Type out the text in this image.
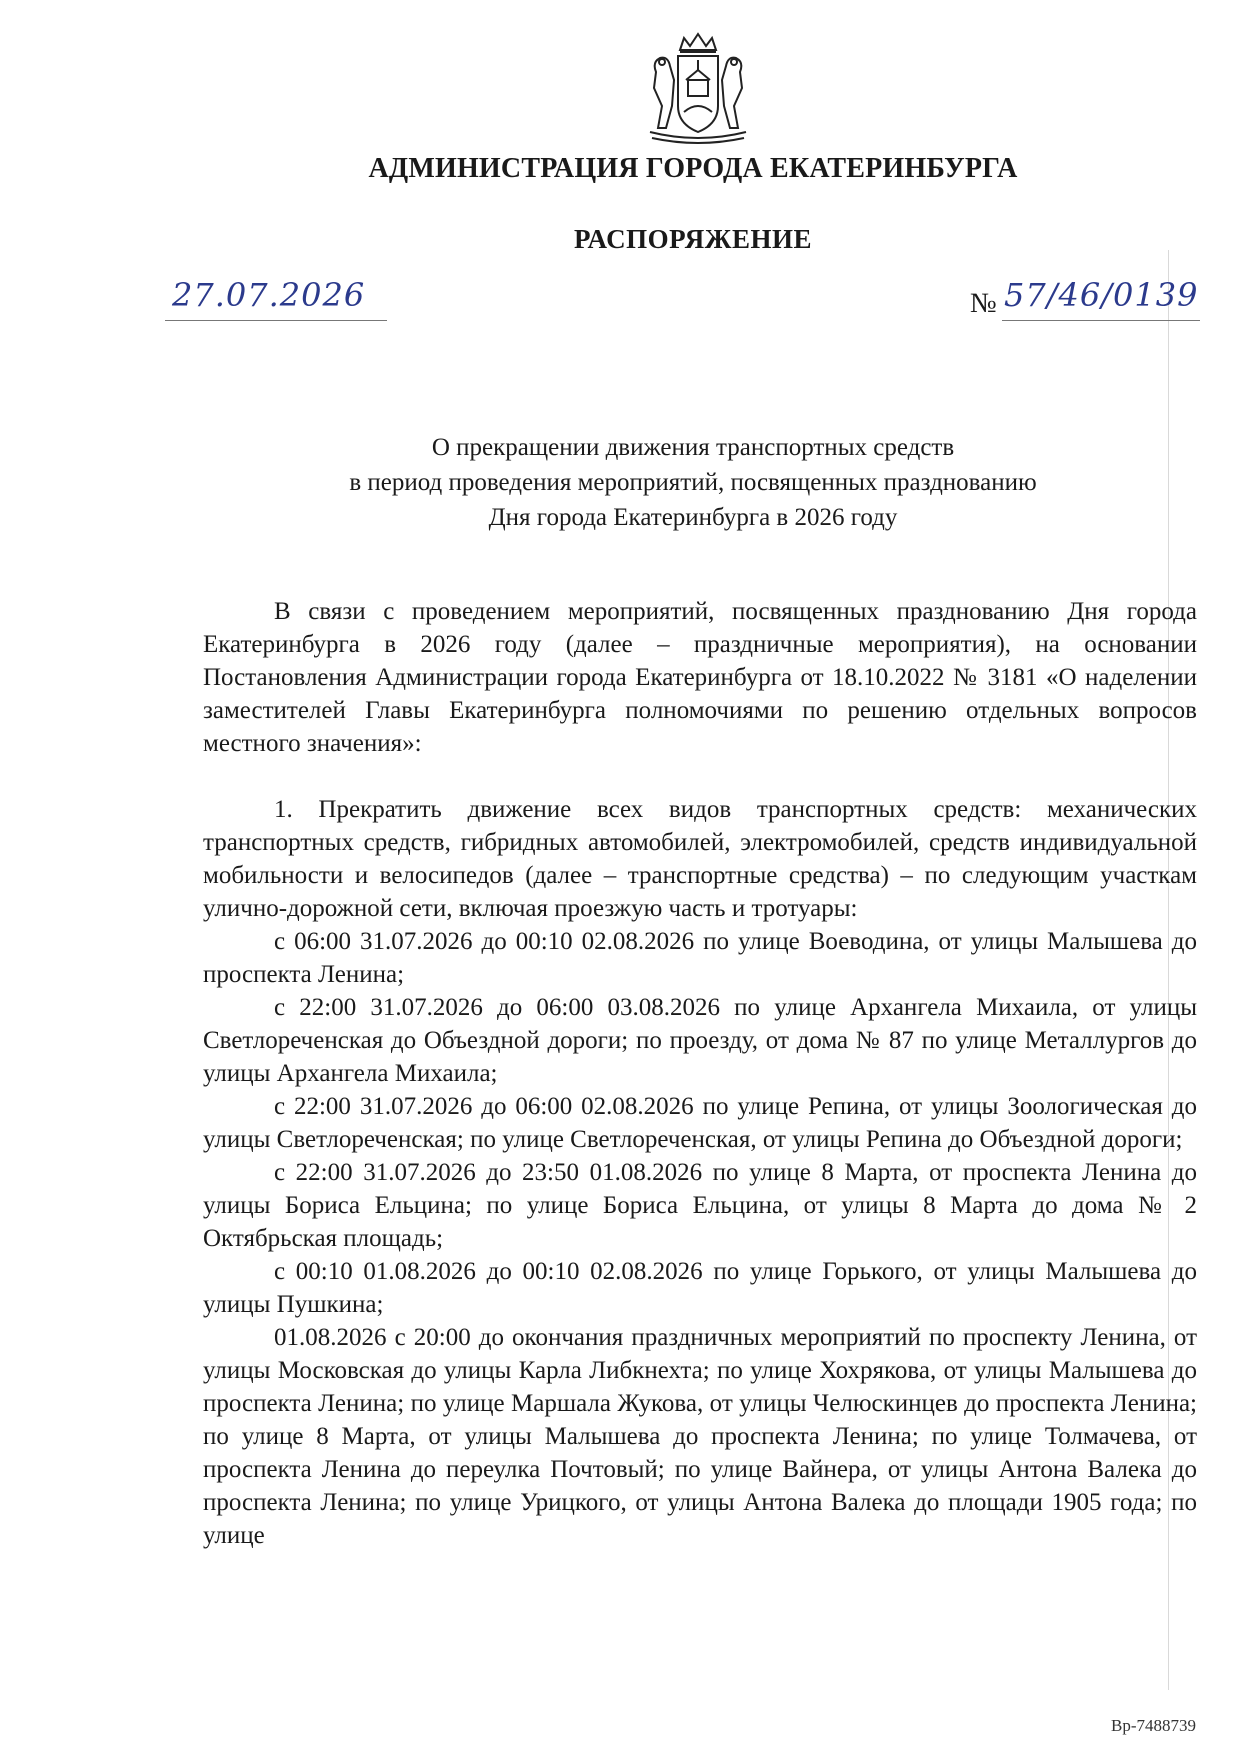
АДМИНИСТРАЦИЯ ГОРОДА ЕКАТЕРИНБУРГА
РАСПОРЯЖЕНИЕ
27.07.2026	№ 57/46/0139
О прекращении движения транспортных средств
в период проведения мероприятий, посвященных празднованию
Дня города Екатеринбурга в 2026 году

В связи с проведением мероприятий, посвященных празднованию Дня города Екатеринбурга в 2026 году (далее – праздничные мероприятия), на основании Постановления Администрации города Екатеринбурга от 18.10.2022 № 3181 «О наделении заместителей Главы Екатеринбурга полномочиями по решению отдельных вопросов местного значения»:

1. Прекратить движение всех видов транспортных средств: механических транспортных средств, гибридных автомобилей, электромобилей, средств индивидуальной мобильности и велосипедов (далее – транспортные средства) – по следующим участкам улично-дорожной сети, включая проезжую часть и тротуары:

с 06:00 31.07.2026 до 00:10 02.08.2026 по улице Воеводина, от улицы Малышева до проспекта Ленина;

с 22:00 31.07.2026 до 06:00 03.08.2026 по улице Архангела Михаила, от улицы Светлореченская до Объездной дороги; по проезду, от дома № 87 по улице Металлургов до улицы Архангела Михаила;

с 22:00 31.07.2026 до 06:00 02.08.2026 по улице Репина, от улицы Зоологическая до улицы Светлореченская; по улице Светлореченская, от улицы Репина до Объездной дороги;

с 22:00 31.07.2026 до 23:50 01.08.2026 по улице 8 Марта, от проспекта Ленина до улицы Бориса Ельцина; по улице Бориса Ельцина, от улицы 8 Марта до дома № 2 Октябрьская площадь;

с 00:10 01.08.2026 до 00:10 02.08.2026 по улице Горького, от улицы Малышева до улицы Пушкина;

01.08.2026 с 20:00 до окончания праздничных мероприятий по проспекту Ленина, от улицы Московская до улицы Карла Либкнехта; по улице Хохрякова, от улицы Малышева до проспекта Ленина; по улице Маршала Жукова, от улицы Челюскинцев до проспекта Ленина; по улице 8 Марта, от улицы Малышева до проспекта Ленина; по улице Толмачева, от проспекта Ленина до переулка Почтовый; по улице Вайнера, от улицы Антона Валека до проспекта Ленина; по улице Урицкого, от улицы Антона Валека до площади 1905 года; по улице

Вр-7488739
